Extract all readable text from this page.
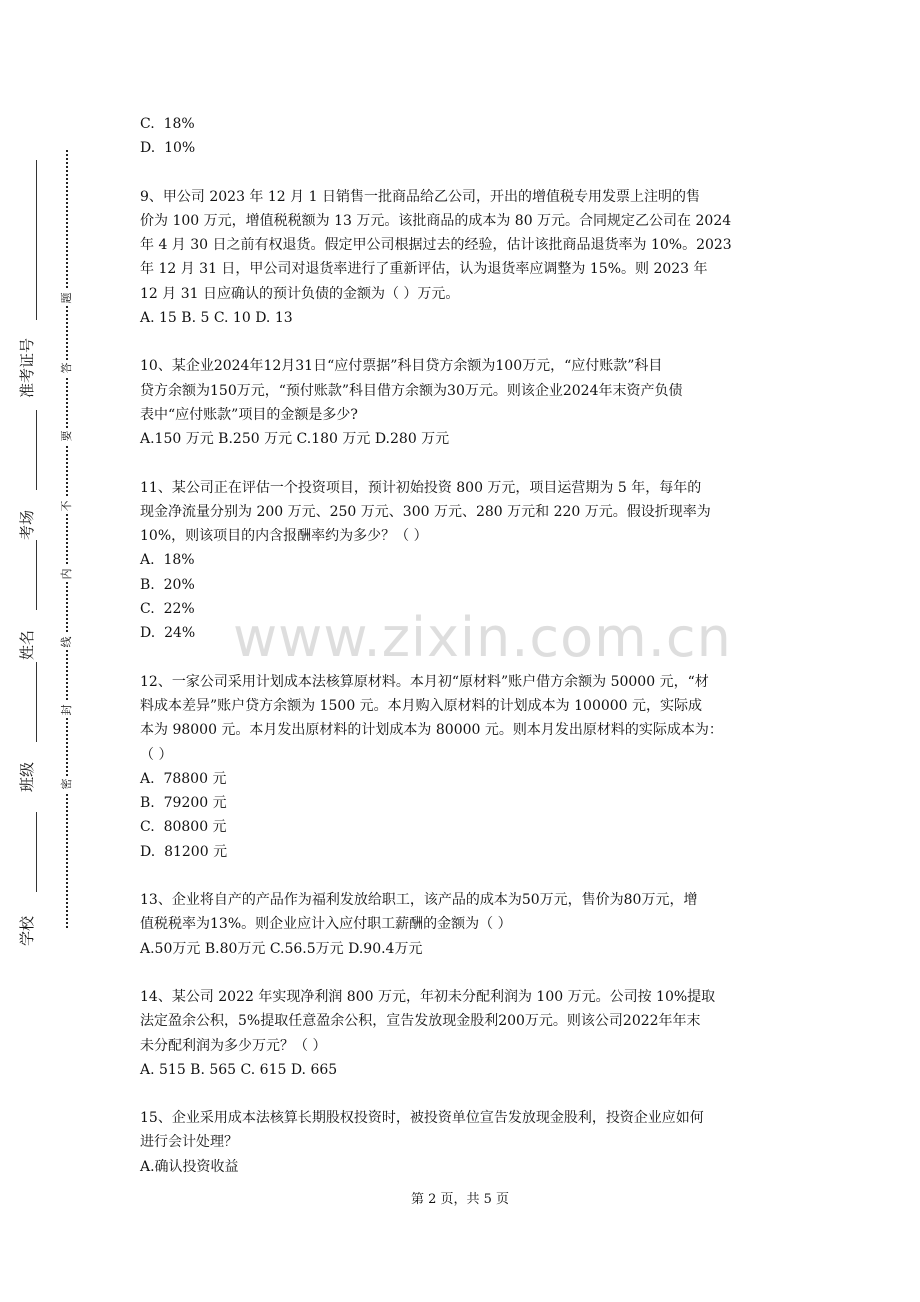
学校
班级
姓名
考场
准考证号
密
封
线
内
不
要
答
题
C.  18%
D.  10%
9、甲公司 2023 年 12 月 1 日销售一批商品给乙公司，开出的增值税专用发票上注明的售
价为 100 万元，增值税税额为 13 万元。该批商品的成本为 80 万元。合同规定乙公司在 2024
年 4 月 30 日之前有权退货。假定甲公司根据过去的经验，估计该批商品退货率为 10%。2023
年 12 月 31 日，甲公司对退货率进行了重新评估，认为退货率应调整为 15%。则 2023 年
12 月 31 日应确认的预计负债的金额为（ ）万元。
A. 15 B. 5 C. 10 D. 13
10、某企业2024年12月31日“应付票据”科目贷方余额为100万元，“应付账款”科目
贷方余额为150万元，“预付账款”科目借方余额为30万元。则该企业2024年末资产负债
表中“应付账款”项目的金额是多少?
A.150 万元 B.250 万元 C.180 万元 D.280 万元
11、某公司正在评估一个投资项目，预计初始投资 800 万元，项目运营期为 5 年，每年的
现金净流量分别为 200 万元、250 万元、300 万元、280 万元和 220 万元。假设折现率为
10%，则该项目的内含报酬率约为多少？（ ）
A.  18%
B.  20%
C.  22%
D.  24%
12、一家公司采用计划成本法核算原材料。本月初“原材料”账户借方余额为 50000 元，“材
料成本差异”账户贷方余额为 1500 元。本月购入原材料的计划成本为 100000 元，实际成
本为 98000 元。本月发出原材料的计划成本为 80000 元。则本月发出原材料的实际成本为：
（ ）
A.  78800 元
B.  79200 元
C.  80800 元
D.  81200 元
13、企业将自产的产品作为福利发放给职工，该产品的成本为50万元，售价为80万元，增
值税税率为13%。则企业应计入应付职工薪酬的金额为（ ）
A.50万元 B.80万元 C.56.5万元 D.90.4万元
14、某公司 2022 年实现净利润 800 万元，年初未分配利润为 100 万元。公司按 10%提取
法定盈余公积，5%提取任意盈余公积，宣告发放现金股利200万元。则该公司2022年年末
未分配利润为多少万元？（ ）
A. 515 B. 565 C. 615 D. 665
15、企业采用成本法核算长期股权投资时，被投资单位宣告发放现金股利，投资企业应如何
进行会计处理？
A.确认投资收益
www.zixin.com.cn
第 2 页，共 5 页
